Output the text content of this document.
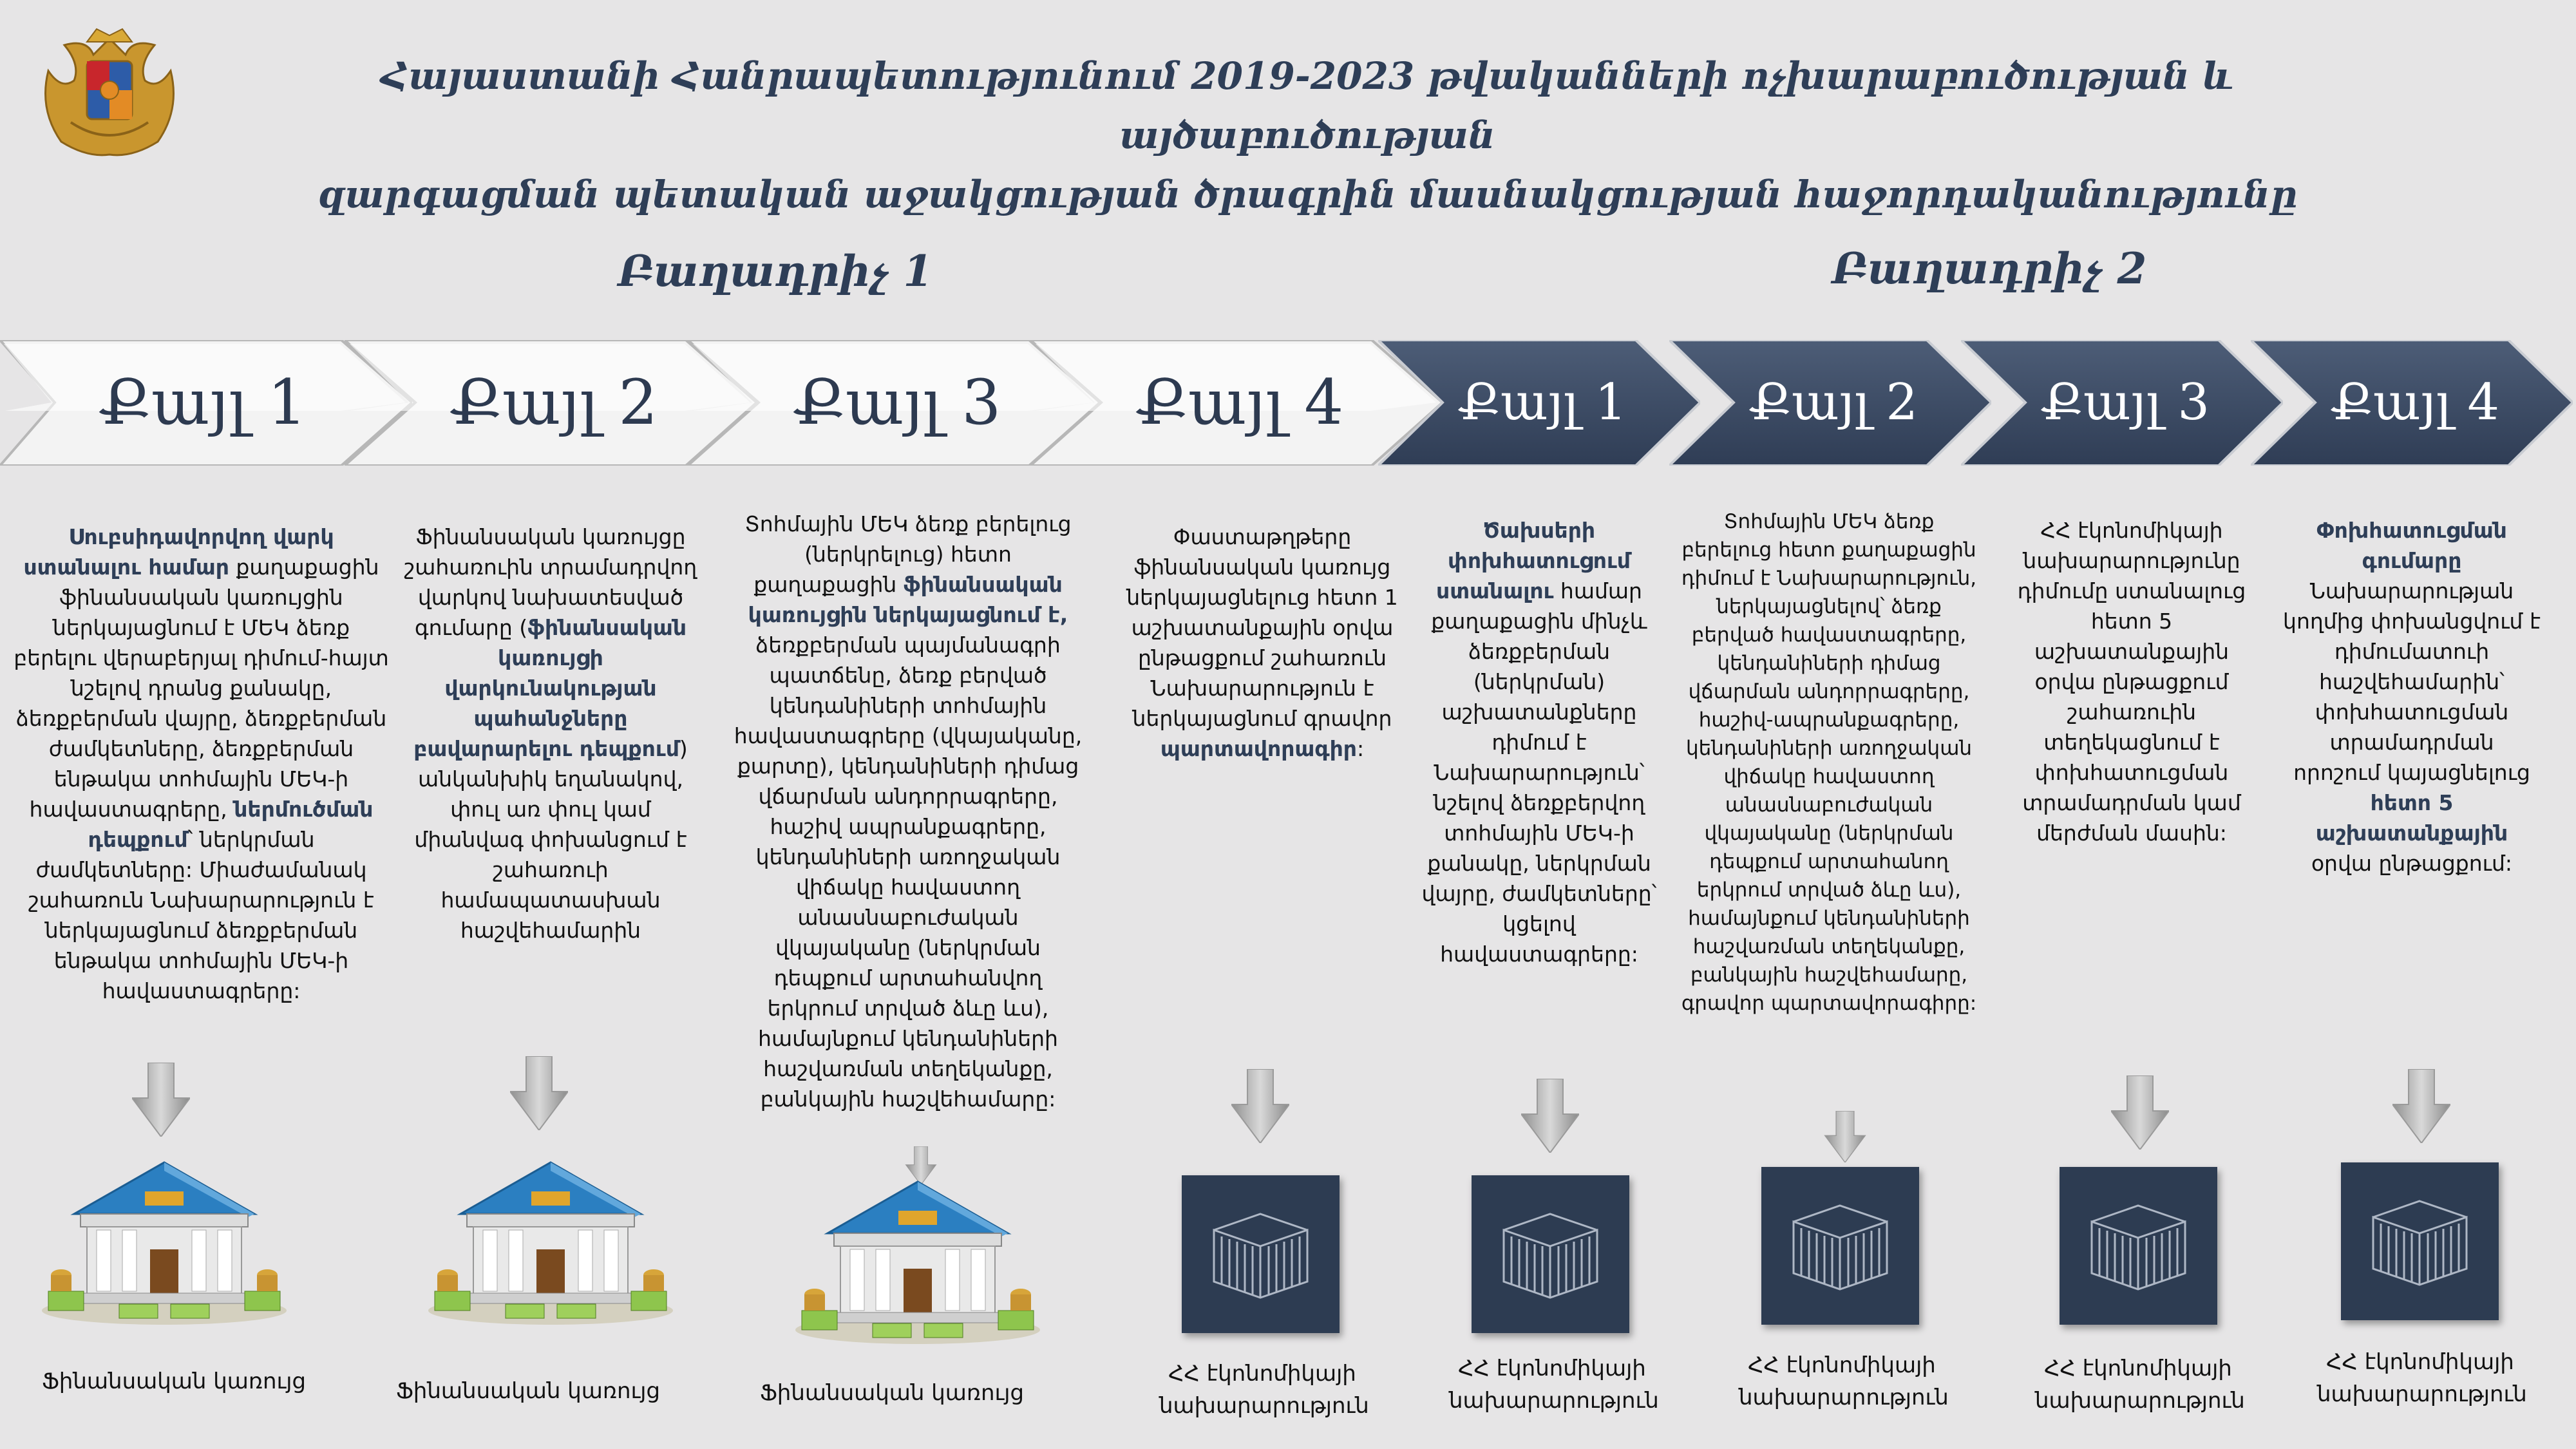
Հայաստանի Հանրապետությունում 2019-2023 թվականների ոչխարաբուծության և այծաբուծության
զարգացման պետական աջակցության ծրագրին մասնակցության հաջորդականությունը
Բաղադրիչ 1	Բաղադրիչ 2
Քայլ 1	Քայլ 2	Քայլ 3	Քայլ 4	Քայլ 1	Քայլ 2	Քայլ 3	Քայլ 4
Սուբսիդավորվող վարկ ստանալու համար քաղաքացին ֆինանսական կառույցին ներկայացնում է ՄԵԿ ձեռք բերելու վերաբերյալ դիմում-հայտ նշելով դրանց քանակը, ձեռքբերման վայրը, ձեռքբերման ժամկետները, ձեռքբերման ենթակա տոհմային ՄԵԿ-ի հավաստագրերը, ներմուծման դեպքում՝ ներկրման ժամկետները: Միաժամանակ շահառուն Նախարարություն է ներկայացնում ձեռքբերման ենթակա տոհմային ՄԵԿ-ի հավաստագրերը:
Ֆինանսական կառույցը շահառուին տրամադրվող վարկով նախատեսված գումարը (ֆինանսական կառույցի վարկունակության պահանջները բավարարելու դեպքում) անկանխիկ եղանակով, փուլ առ փուլ կամ միանվագ փոխանցում է շահառուի համապատասխան հաշվեհամարին
Տոհմային ՄԵԿ ձեռք բերելուց (ներկրելուց) հետո քաղաքացին ֆինանսական կառույցին ներկայացնում է, ձեռքբերման պայմանագրի պատճենը, ձեռք բերված կենդանիների տոհմային հավաստագրերը (վկայականը, քարտը), կենդանիների դիմաց վճարման անդորրագրերը, հաշիվ ապրանքագրերը, կենդանիների առողջական վիճակը հավաստող անասնաբուժական վկայականը (ներկրման դեպքում արտահանվող երկրում տրված ձևը ևս), համայնքում կենդանիների հաշվառման տեղեկանքը, բանկային հաշվեհամարը:
Փաստաթղթերը ֆինանսական կառույց ներկայացնելուց հետո 1 աշխատանքային օրվա ընթացքում շահառուն Նախարարություն է ներկայացնում գրավոր պարտավորագիր:
Ծախսերի փոխհատուցում ստանալու համար քաղաքացին մինչև ձեռքբերման (ներկրման) աշխատանքները դիմում է Նախարարություն՝ նշելով ձեռքբերվող տոհմային ՄԵԿ-ի քանակը, ներկրման վայրը, ժամկետները՝ կցելով հավաստագրերը:
Տոհմային ՄԵԿ ձեռք բերելուց հետո քաղաքացին դիմում է Նախարարություն, ներկայացնելով՝ ձեռք բերված հավաստագրերը, կենդանիների դիմաց վճարման անդորրագրերը, հաշիվ-ապրանքագրերը, կենդանիների առողջական վիճակը հավաստող անասնաբուժական վկայականը (ներկրման դեպքում արտահանող երկրում տրված ձևը ևս), համայնքում կենդանիների հաշվառման տեղեկանքը, բանկային հաշվեհամարը, գրավոր պարտավորագիրը:
ՀՀ էկոնոմիկայի նախարարությունը դիմումը ստանալուց հետո 5 աշխատանքային օրվա ընթացքում շահառուին տեղեկացնում է փոխհատուցման տրամադրման կամ մերժման մասին:
Փոխհատուցման գումարը Նախարարության կողմից փոխանցվում է դիմումատուի հաշվեհամարին՝ փոխհատուցման տրամադրման որոշում կայացնելուց հետո 5 աշխատանքային օրվա ընթացքում:
Ֆինանսական կառույց	Ֆինանսական կառույց	Ֆինանսական կառույց
ՀՀ էկոնոմիկայի նախարարություն
ՀՀ էկոնոմիկայի նախարարություն
ՀՀ էկոնոմիկայի նախարարություն
ՀՀ էկոնոմիկայի նախարարություն
ՀՀ էկոնոմիկայի նախարարություն
